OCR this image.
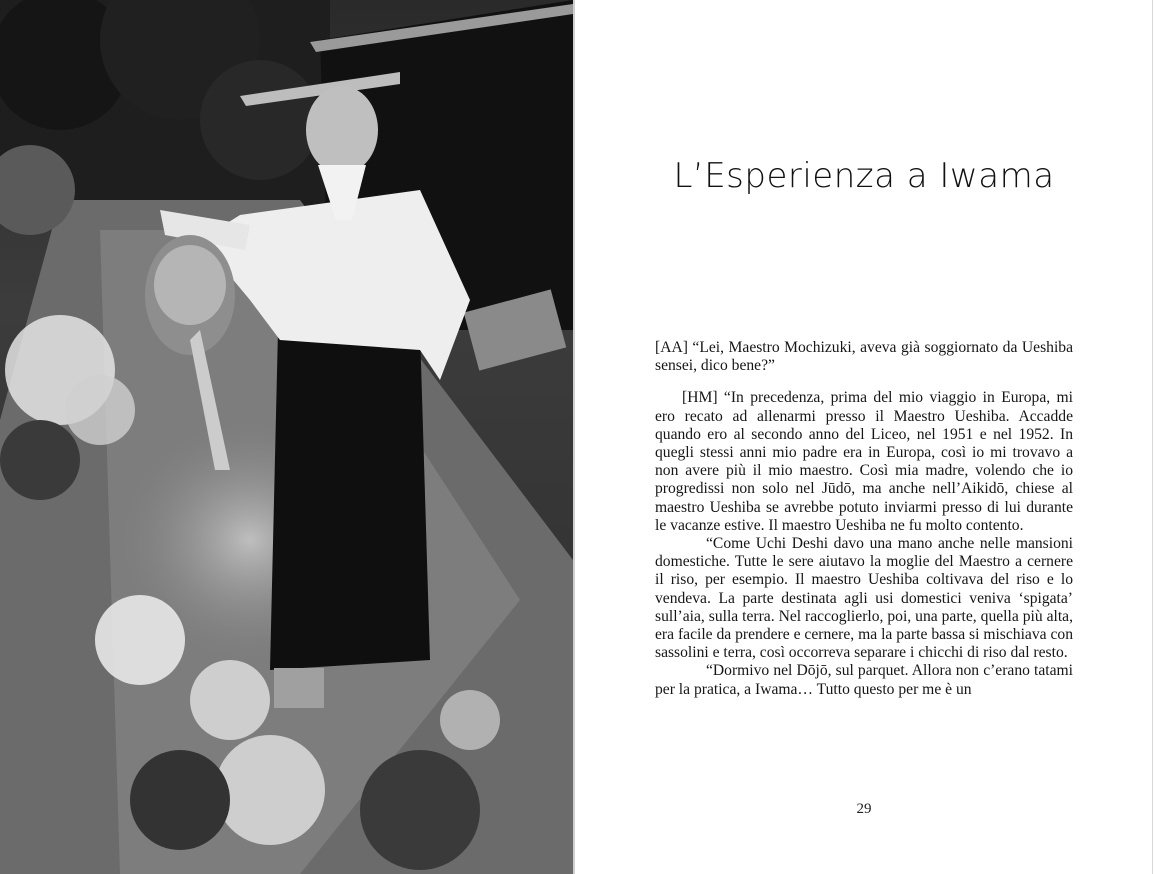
L’Esperienza a Iwama

[AA] “Lei, Maestro Mochizuki, aveva già soggiornato da Ueshiba sensei, dico bene?”

[HM] “In precedenza, prima del mio viaggio in Europa, mi ero recato ad allenarmi presso il Maestro Ueshiba. Accadde quando ero al secondo anno del Liceo, nel 1951 e nel 1952. In quegli stessi anni mio padre era in Europa, così io mi trovavo a non avere più il mio maestro. Così mia madre, volendo che io progredissi non solo nel Jūdō, ma anche nell’Aikidō, chiese al maestro Ueshiba se avrebbe potuto inviarmi presso di lui durante le vacanze estive. Il maestro Ueshiba ne fu molto contento.

“Come Uchi Deshi davo una mano anche nelle mansioni domestiche. Tutte le sere aiutavo la moglie del Maestro a cernere il riso, per esempio. Il maestro Ueshiba coltivava del riso e lo vendeva. La parte destinata agli usi domestici veniva ‘spigata’ sull’aia, sulla terra. Nel raccoglierlo, poi, una parte, quella più alta, era facile da prendere e cernere, ma la parte bassa si mischiava con sassolini e terra, così occorreva separare i chicchi di riso dal resto.

“Dormivo nel Dōjō, sul parquet. Allora non c’erano tatami per la pratica, a Iwama… Tutto questo per me è un

29
